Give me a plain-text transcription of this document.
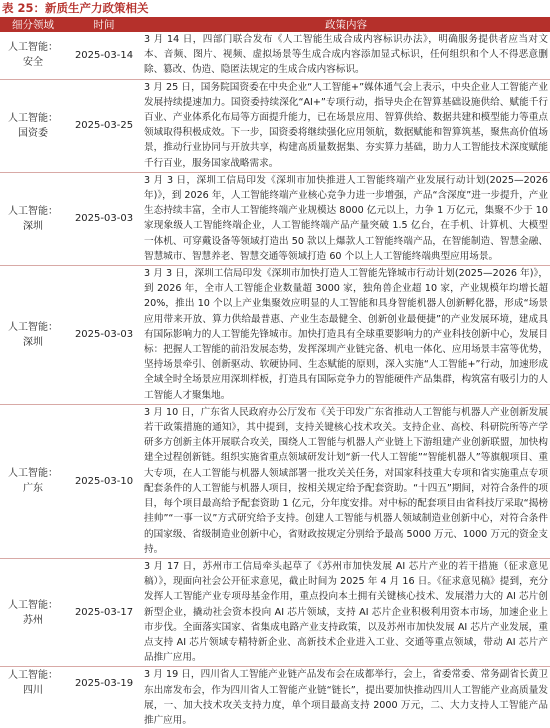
表 25：新质生产力政策相关
细分领域	时间	政策内容
人工智能：安全	2025-03-14	3 月 14 日，四部门联合发布《人工智能生成合成内容标识办法》，明确服务提供者应当对文本、音频、图片、视频、虚拟场景等生成合成内容添加显式标识，任何组织和个人不得恶意删除、篡改、伪造、隐匿法规定的生成合成内容标识。
人工智能：国资委	2025-03-25	3 月 25 日，国务院国资委在中央企业“人工智能+”媒体通气会上表示，中央企业人工智能产业发展持续提速加力。国资委持续深化“AI+”专项行动，指导央企在智算基础设施供给、赋能千行百业、产业体系化布局等方面提升能力，已在场景应用、智算供给、数据共建和模型能力等重点领域取得积极成效。下一步，国资委将继续强化应用领航，数据赋能和智算筑基，聚焦高价值场景，推动行业协同与开放共享，构建高质量数据集、夯实算力基础，助力人工智能技术深度赋能千行百业，服务国家战略需求。
人工智能：深圳	2025-03-03	3 月 3 日，深圳工信局印发《深圳市加快推进人工智能终端产业发展行动计划(2025—2026 年)》，到 2026 年，人工智能终端产业核心竞争力进一步增强，产品“含深度”进一步提升，产业生态持续丰富，全市人工智能终端产业规模达 8000 亿元以上，力争 1 万亿元，集聚不少于 10 家现象级人工智能终端企业，人工智能终端产品产量突破 1.5 亿台，在手机、计算机、大模型一体机、可穿戴设备等领域打造出 50 款以上爆款人工智能终端产品，在智能制造、智慧金融、智慧城市、智慧养老、智慧交通等领域打造 60 个以上人工智能终端典型应用场景。
人工智能：深圳	2025-03-03	3 月 3 日，深圳工信局印发《深圳市加快打造人工智能先锋城市行动计划(2025—2026 年)》，到 2026 年，全市人工智能企业数量超 3000 家，独角兽企业超 10 家，产业规模年均增长超 20%，推出 10 个以上产业集聚效应明显的人工智能和具身智能机器人创新孵化器，形成“场景应用带来开放、算力供给最普惠、产业生态最健全、创新创业最便捷”的产业发展环境，建成具有国际影响力的人工智能先锋城市。加快打造具有全球重要影响力的产业科技创新中心，发展目标：把握人工智能的前沿发展态势，发挥深圳产业链完备、机电一体化、应用场景丰富等优势，坚持场景牵引、创新驱动、软硬协同、生态赋能的原则，深入实施“人工智能+”行动，加速形成全域全时全场景应用深圳样板，打造具有国际竞争力的智能硬件产品集群，构筑富有吸引力的人工智能人才聚集地。
人工智能：广东	2025-03-10	3 月 10 日，广东省人民政府办公厅发布《关于印发广东省推动人工智能与机器人产业创新发展若干政策措施的通知》，其中提到，支持关键核心技术攻关。支持企业、高校、科研院所等产学研多方创新主体开展联合攻关，围绕人工智能与机器人产业链上下游组建产业创新联盟，加快构建全过程创新链。组织实施省重点领域研发计划“新一代人工智能”“智能机器人”等旗舰项目、重大专项，在人工智能与机器人领域部署一批攻关关任务，对国家科技重大专项和省实施重点专项配套条件的人工智能与机器人项目，按相关规定给予配套资助。“十四五”期间，对符合条件的项目，每个项目最高给予配套资助 1 亿元，分年度安排。对中标的配套项目由省科技厅采取“揭榜挂帅”“一事一议”方式研究给予支持。创建人工智能与机器人领域制造业创新中心，对符合条件的国家级、省级制造业创新中心，省财政按规定分别给予最高 5000 万元、1000 万元的资金支持。
人工智能：苏州	2025-03-17	3 月 17 日，苏州市工信局牵头起草了《苏州市加快发展 AI 芯片产业的若干措施（征求意见稿）》，现面向社会公开征求意见，截止时间为 2025 年 4 月 16 日。《征求意见稿》提到，充分发挥人工智能产业专项母基金作用，重点投向本土拥有关键核心技术、发展潜力大的 AI 芯片创新型企业，撬动社会资本投向 AI 芯片领域，支持 AI 芯片企业积极利用资本市场，加速企业上市步伐。全面落实国家、省集成电路产业支持政策，以及苏州市加快发展 AI 芯片产业发展，重点支持 AI 芯片领域专精特新企业、高新技术企业进入工业、交通等重点领域，带动 AI 芯片产品推广应用。
人工智能：四川	2025-03-19	3 月 19 日，四川省人工智能产业链产品发布会在成都举行，会上，省委常委、常务副省长黄卫东出席发布会，作为四川省人工智能产业链“链长”，提出要加快推动四川人工智能产业高质量发展，一、加大技术攻关支持力度，单个项目最高支持 2000 万元，二、大力支持人工智能产品推广应用。
